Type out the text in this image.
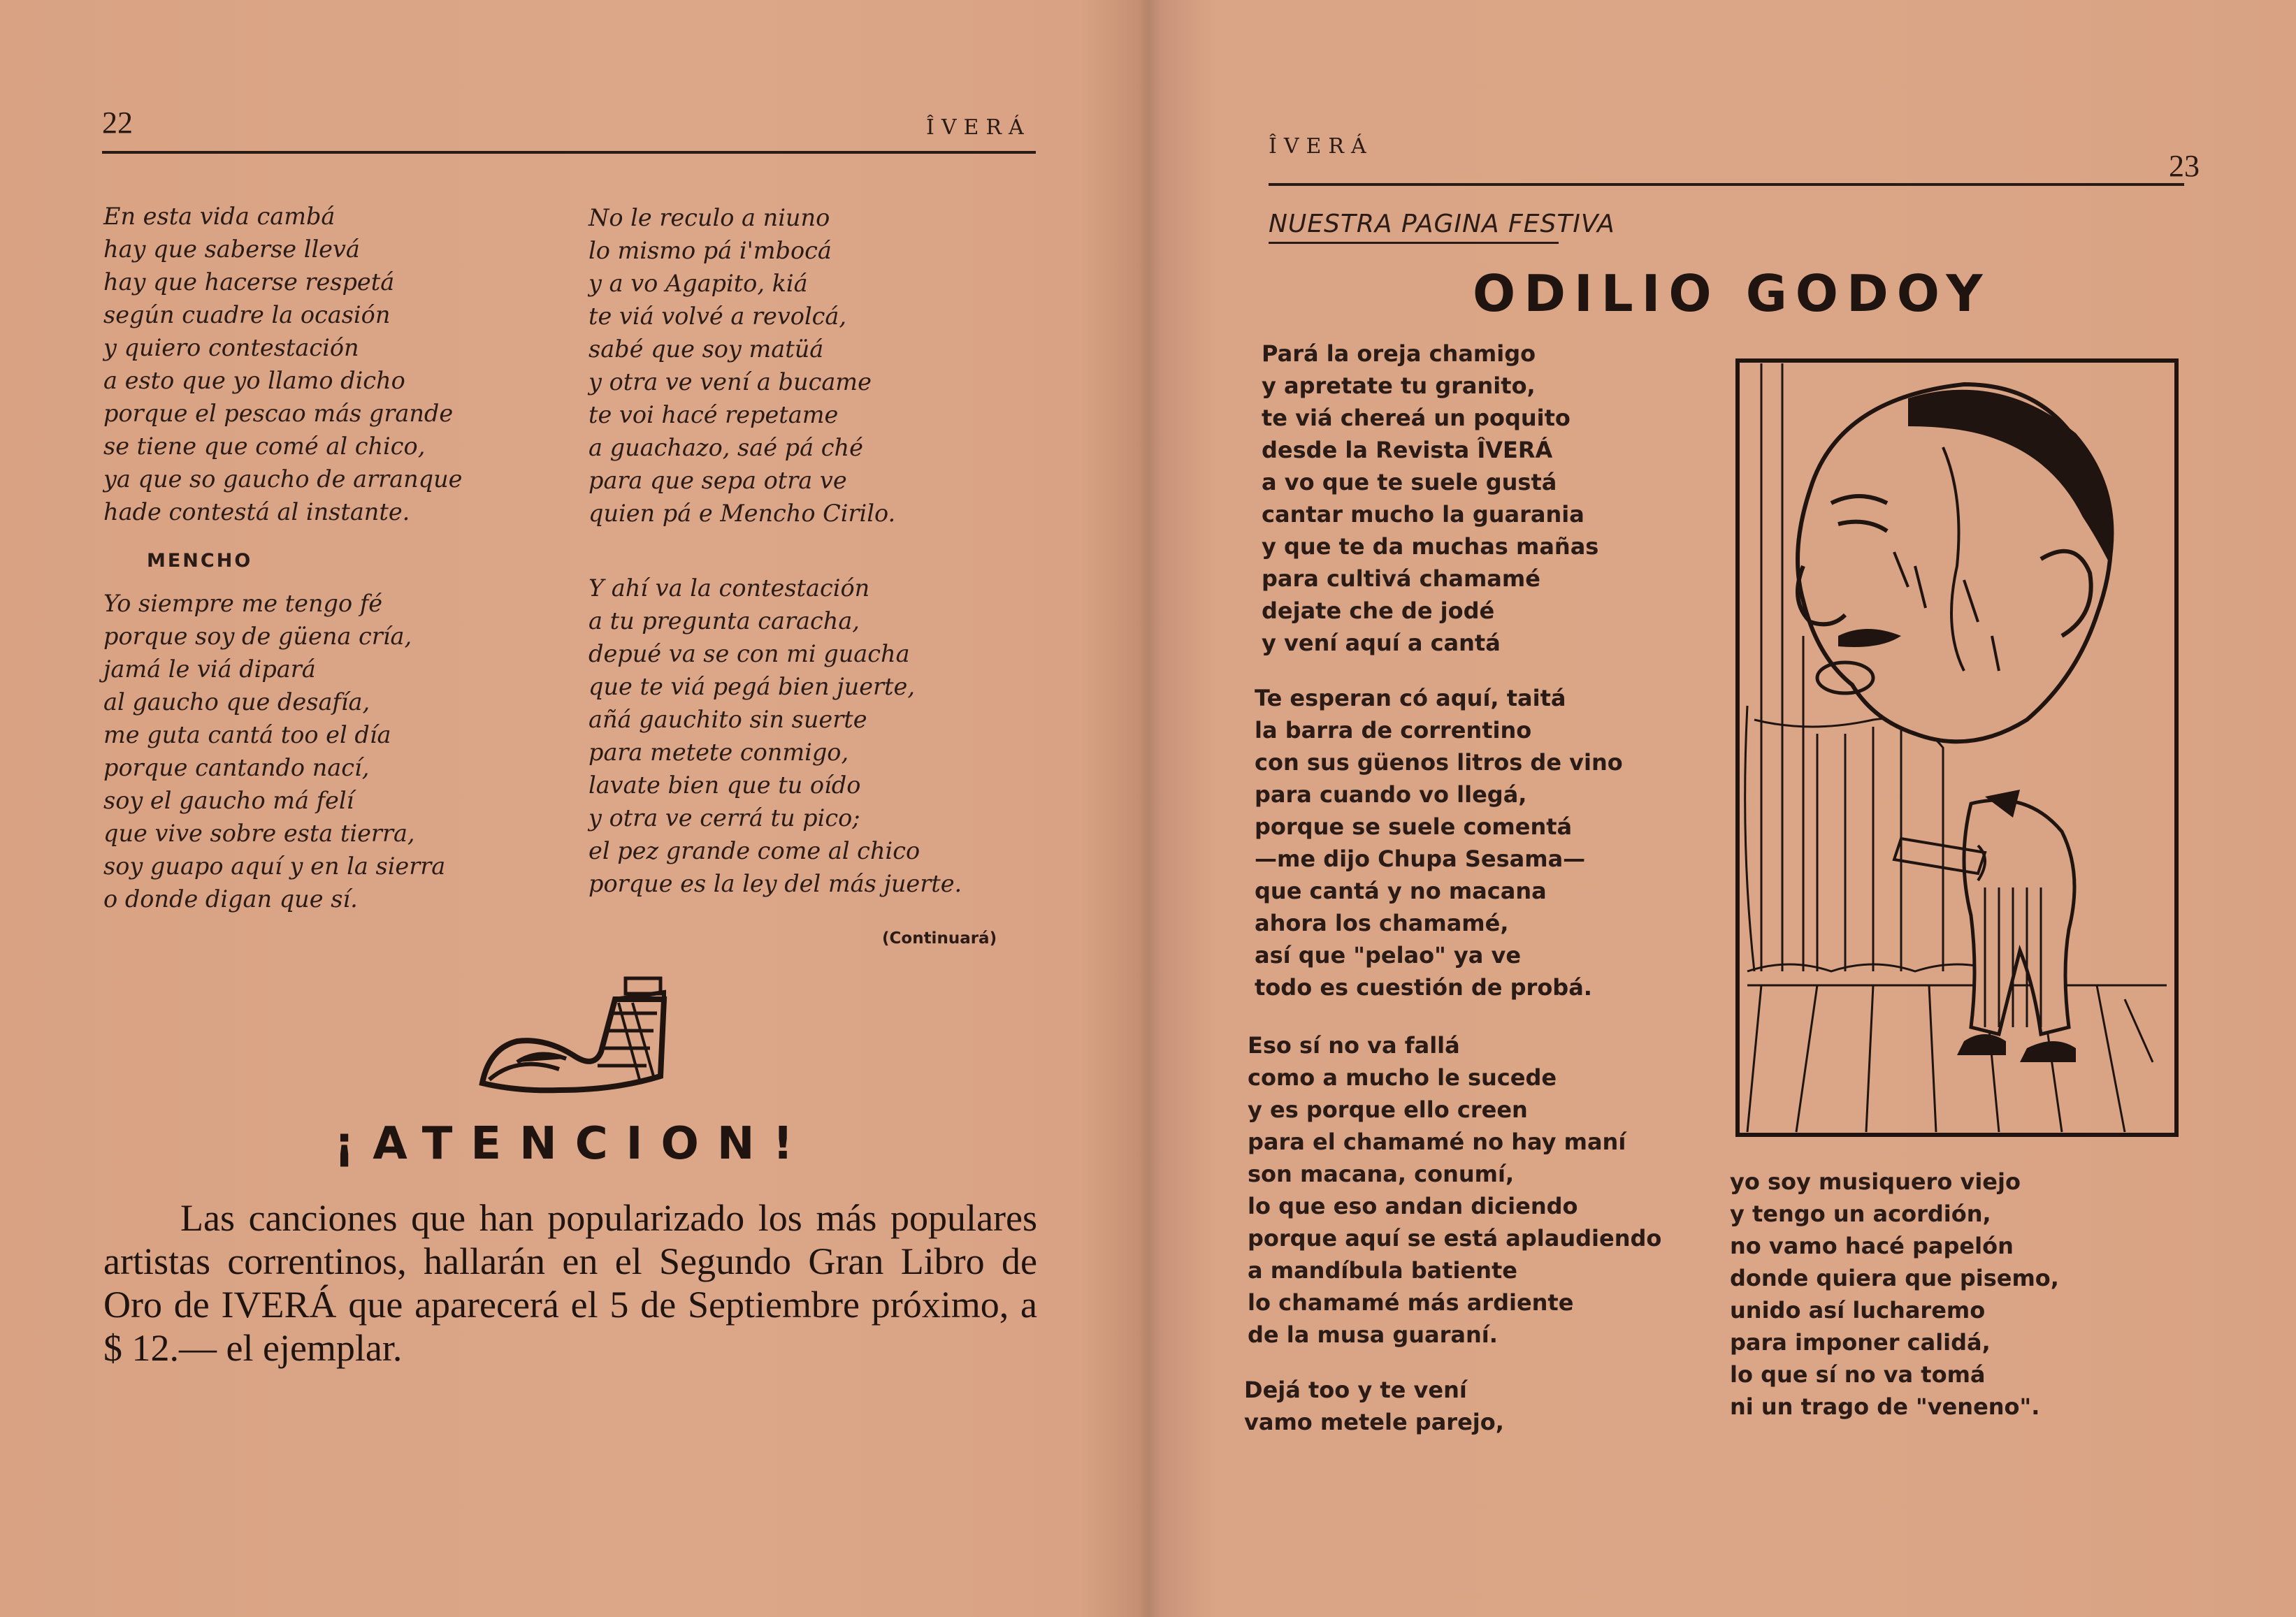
22	ÎVERÁ
En esta vida cambá
hay que saberse llevá
hay que hacerse respetá
según cuadre la ocasión
y quiero contestación
a esto que yo llamo dicho
porque el pescao más grande
se tiene que comé al chico,
ya que so gaucho de arranque
hade contestá al instante.
MENCHO
Yo siempre me tengo fé
porque soy de güena cría,
jamá le viá dipará
al gaucho que desafía,
me guta cantá too el día
porque cantando nací,
soy el gaucho má felí
que vive sobre esta tierra,
soy guapo aquí y en la sierra
o donde digan que sí.
No le reculo a niuno
lo mismo pá i'mbocá
y a vo Agapito, kiá
te viá volvé a revolcá,
sabé que soy matüá
y otra ve vení a bucame
te voi hacé repetame
a guachazo, saé pá ché
para que sepa otra ve
quien pá e Mencho Cirilo.
Y ahí va la contestación
a tu pregunta caracha,
depué va se con mi guacha
que te viá pegá bien juerte,
añá gauchito sin suerte
para metete conmigo,
lavate bien que tu oído
y otra ve cerrá tu pico;
el pez grande come al chico
porque es la ley del más juerte.
(Continuará)
¡ATENCION!
Las canciones que han popularizado los más populares artistas correntinos, hallarán en el Segundo Gran Libro de Oro de IVERÁ que aparecerá el 5 de Septiembre próximo, a $ 12.— el ejemplar.
ÎVERÁ
23
NUESTRA PAGINA FESTIVA
ODILIO GODOY
Pará la oreja chamigo
y apretate tu granito,
te viá chereá un poquito
desde la Revista ÎVERÁ
a vo que te suele gustá
cantar mucho la guarania
y que te da muchas mañas
para cultivá chamamé
dejate che de jodé
y vení aquí a cantá
Te esperan có aquí, taitá
la barra de correntino
con sus güenos litros de vino
para cuando vo llegá,
porque se suele comentá
—me dijo Chupa Sesama—
que cantá y no macana
ahora los chamamé,
así que "pelao" ya ve
todo es cuestión de probá.
Eso sí no va fallá
como a mucho le sucede
y es porque ello creen
para el chamamé no hay maní
son macana, conumí,
lo que eso andan diciendo
porque aquí se está aplaudiendo
a mandíbula batiente
lo chamamé más ardiente
de la musa guaraní.
Dejá too y te vení
vamo metele parejo,
yo soy musiquero viejo
y tengo un acordión,
no vamo hacé papelón
donde quiera que pisemo,
unido así lucharemo
para imponer calidá,
lo que sí no va tomá
ni un trago de "veneno".
